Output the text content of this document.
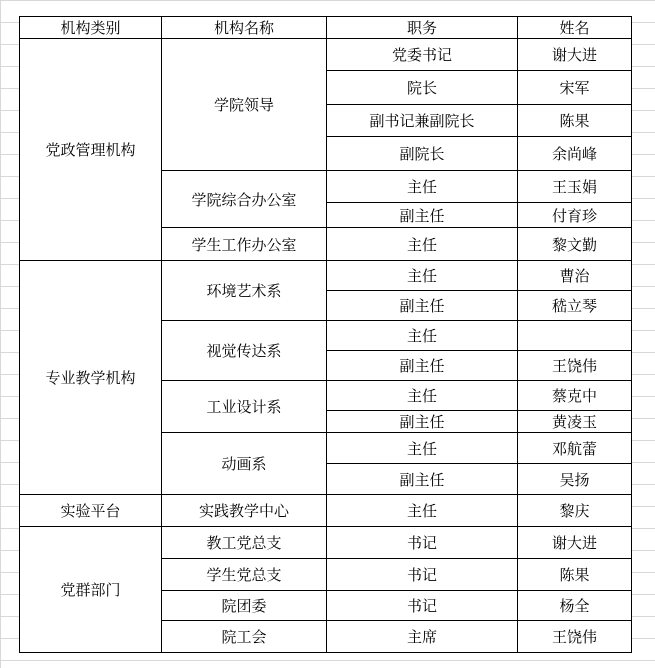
机构类别	机构名称	职务	姓名
党政管理机构	学院领导	党委书记	谢大进
		院长	宋军
		副书记兼副院长	陈果
		副院长	余尚峰
	学院综合办公室	主任	王玉娟
		副主任	付育珍
	学生工作办公室	主任	黎文勤
专业教学机构	环境艺术系	主任	曹治
		副主任	嵇立琴
	视觉传达系	主任	
		副主任	王饶伟
	工业设计系	主任	蔡克中
		副主任	黄凌玉
	动画系	主任	邓航蕾
		副主任	吴扬
实验平台	实践教学中心	主任	黎庆
党群部门	教工党总支	书记	谢大进
	学生党总支	书记	陈果
	院团委	书记	杨全
	院工会	主席	王饶伟
